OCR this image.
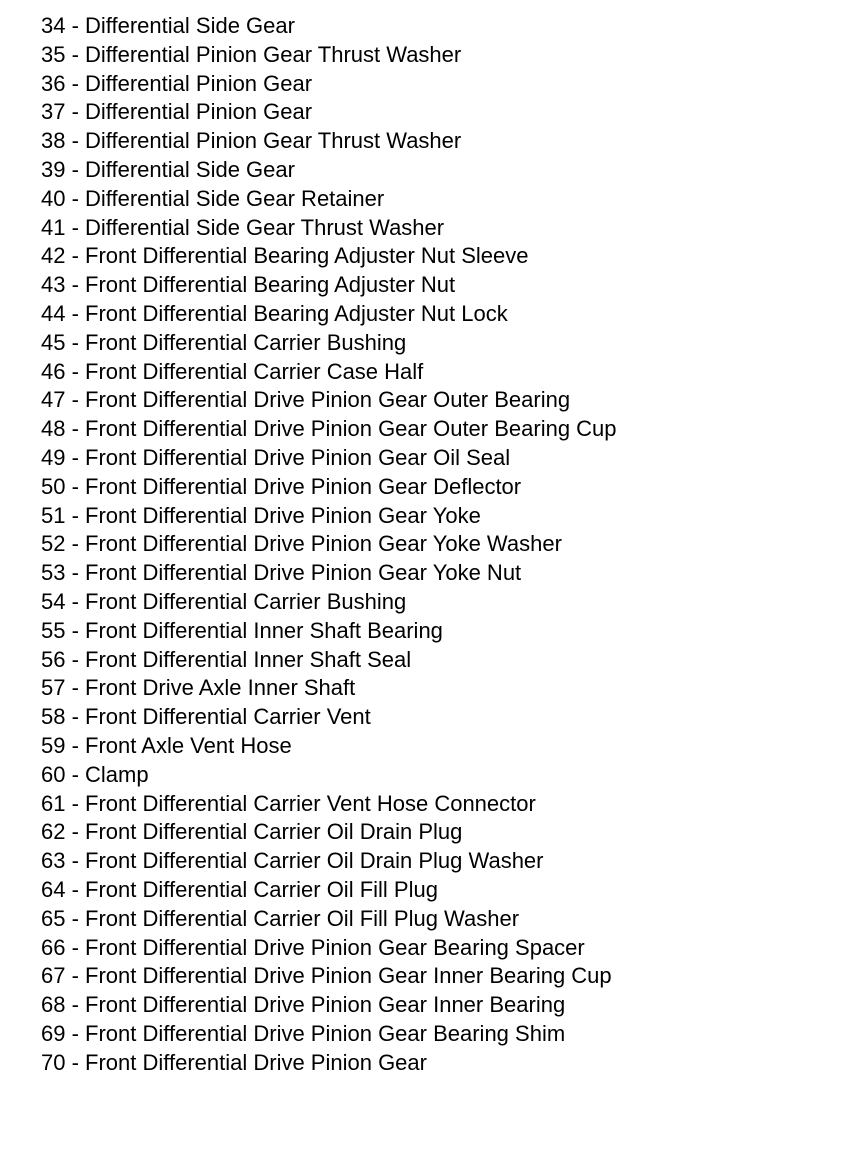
34 - Differential Side Gear
35 - Differential Pinion Gear Thrust Washer
36 - Differential Pinion Gear
37 - Differential Pinion Gear
38 - Differential Pinion Gear Thrust Washer
39 - Differential Side Gear
40 - Differential Side Gear Retainer
41 - Differential Side Gear Thrust Washer
42 - Front Differential Bearing Adjuster Nut Sleeve
43 - Front Differential Bearing Adjuster Nut
44 - Front Differential Bearing Adjuster Nut Lock
45 - Front Differential Carrier Bushing
46 - Front Differential Carrier Case Half
47 - Front Differential Drive Pinion Gear Outer Bearing
48 - Front Differential Drive Pinion Gear Outer Bearing Cup
49 - Front Differential Drive Pinion Gear Oil Seal
50 - Front Differential Drive Pinion Gear Deflector
51 - Front Differential Drive Pinion Gear Yoke
52 - Front Differential Drive Pinion Gear Yoke Washer
53 - Front Differential Drive Pinion Gear Yoke Nut
54 - Front Differential Carrier Bushing
55 - Front Differential Inner Shaft Bearing
56 - Front Differential Inner Shaft Seal
57 - Front Drive Axle Inner Shaft
58 - Front Differential Carrier Vent
59 - Front Axle Vent Hose
60 - Clamp
61 - Front Differential Carrier Vent Hose Connector
62 - Front Differential Carrier Oil Drain Plug
63 - Front Differential Carrier Oil Drain Plug Washer
64 - Front Differential Carrier Oil Fill Plug
65 - Front Differential Carrier Oil Fill Plug Washer
66 - Front Differential Drive Pinion Gear Bearing Spacer
67 - Front Differential Drive Pinion Gear Inner Bearing Cup
68 - Front Differential Drive Pinion Gear Inner Bearing
69 - Front Differential Drive Pinion Gear Bearing Shim
70 - Front Differential Drive Pinion Gear
